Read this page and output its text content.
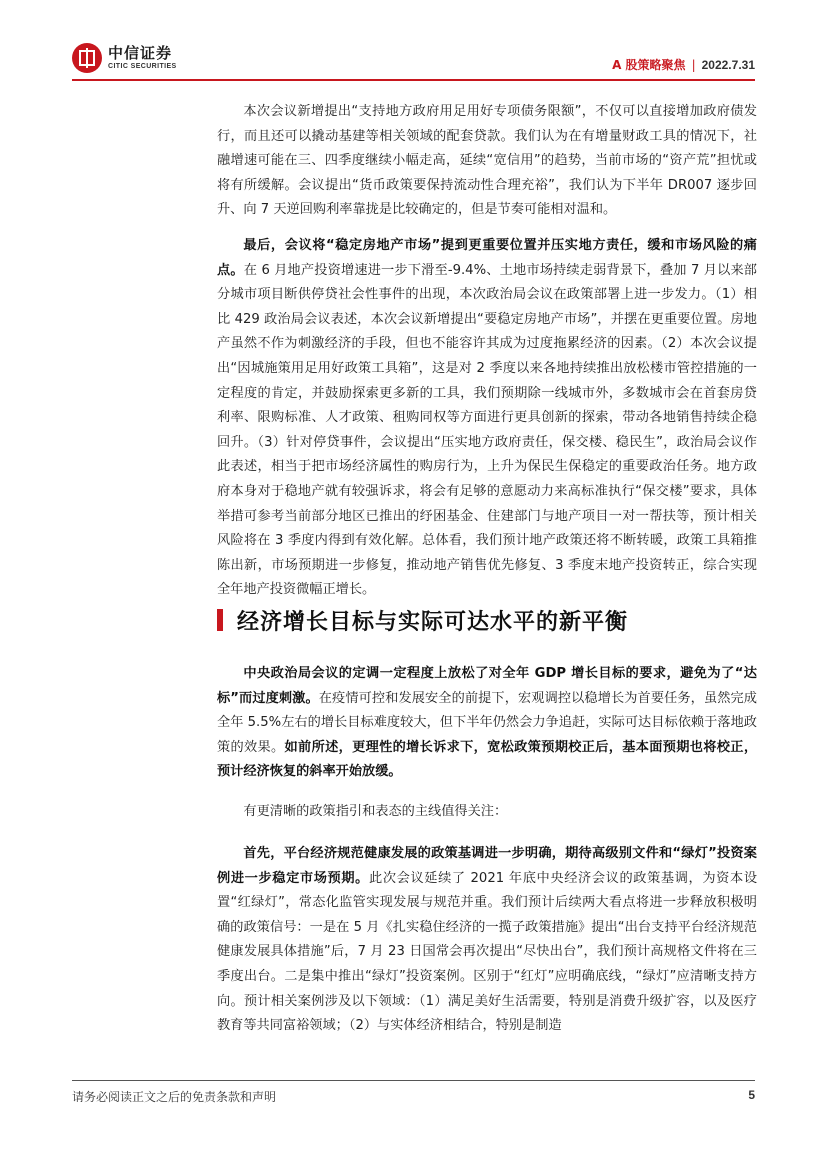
中信证券
CITIC SECURITIES	A 股策略聚焦 | 2022.7.31

本次会议新增提出“支持地方政府用足用好专项债务限额”，不仅可以直接增加政府债发行，而且还可以撬动基建等相关领域的配套贷款。我们认为在有增量财政工具的情况下，社融增速可能在三、四季度继续小幅走高，延续“宽信用”的趋势，当前市场的“资产荒”担忧或将有所缓解。会议提出“货币政策要保持流动性合理充裕”，我们认为下半年 DR007 逐步回升、向 7 天逆回购利率靠拢是比较确定的，但是节奏可能相对温和。

最后，会议将“稳定房地产市场”提到更重要位置并压实地方责任，缓和市场风险的痛点。在 6 月地产投资增速进一步下滑至-9.4%、土地市场持续走弱背景下，叠加 7 月以来部分城市项目断供停贷社会性事件的出现，本次政治局会议在政策部署上进一步发力。（1）相比 429 政治局会议表述，本次会议新增提出“要稳定房地产市场”，并摆在更重要位置。房地产虽然不作为刺激经济的手段，但也不能容许其成为过度拖累经济的因素。（2）本次会议提出“因城施策用足用好政策工具箱”，这是对 2 季度以来各地持续推出放松楼市管控措施的一定程度的肯定，并鼓励探索更多新的工具，我们预期除一线城市外，多数城市会在首套房贷利率、限购标准、人才政策、租购同权等方面进行更具创新的探索，带动各地销售持续企稳回升。（3）针对停贷事件，会议提出“压实地方政府责任，保交楼、稳民生”，政治局会议作此表述，相当于把市场经济属性的购房行为，上升为保民生保稳定的重要政治任务。地方政府本身对于稳地产就有较强诉求，将会有足够的意愿动力来高标准执行“保交楼”要求，具体举措可参考当前部分地区已推出的纾困基金、住建部门与地产项目一对一帮扶等，预计相关风险将在 3 季度内得到有效化解。总体看，我们预计地产政策还将不断转暖，政策工具箱推陈出新，市场预期进一步修复，推动地产销售优先修复、3 季度末地产投资转正，综合实现全年地产投资微幅正增长。

经济增长目标与实际可达水平的新平衡

中央政治局会议的定调一定程度上放松了对全年 GDP 增长目标的要求，避免为了“达标”而过度刺激。在疫情可控和发展安全的前提下，宏观调控以稳增长为首要任务，虽然完成全年 5.5%左右的增长目标难度较大，但下半年仍然会力争追赶，实际可达目标依赖于落地政策的效果。如前所述，更理性的增长诉求下，宽松政策预期校正后，基本面预期也将校正，预计经济恢复的斜率开始放缓。

有更清晰的政策指引和表态的主线值得关注：

首先，平台经济规范健康发展的政策基调进一步明确，期待高级别文件和“绿灯”投资案例进一步稳定市场预期。此次会议延续了 2021 年底中央经济会议的政策基调，为资本设置“红绿灯”，常态化监管实现发展与规范并重。我们预计后续两大看点将进一步释放积极明确的政策信号：一是在 5 月《扎实稳住经济的一揽子政策措施》提出“出台支持平台经济规范健康发展具体措施”后，7 月 23 日国常会再次提出“尽快出台”，我们预计高规格文件将在三季度出台。二是集中推出“绿灯”投资案例。区别于“红灯”应明确底线，“绿灯”应清晰支持方向。预计相关案例涉及以下领域：（1）满足美好生活需要，特别是消费升级扩容，以及医疗教育等共同富裕领域；（2）与实体经济相结合，特别是制造

请务必阅读正文之后的免责条款和声明	5
